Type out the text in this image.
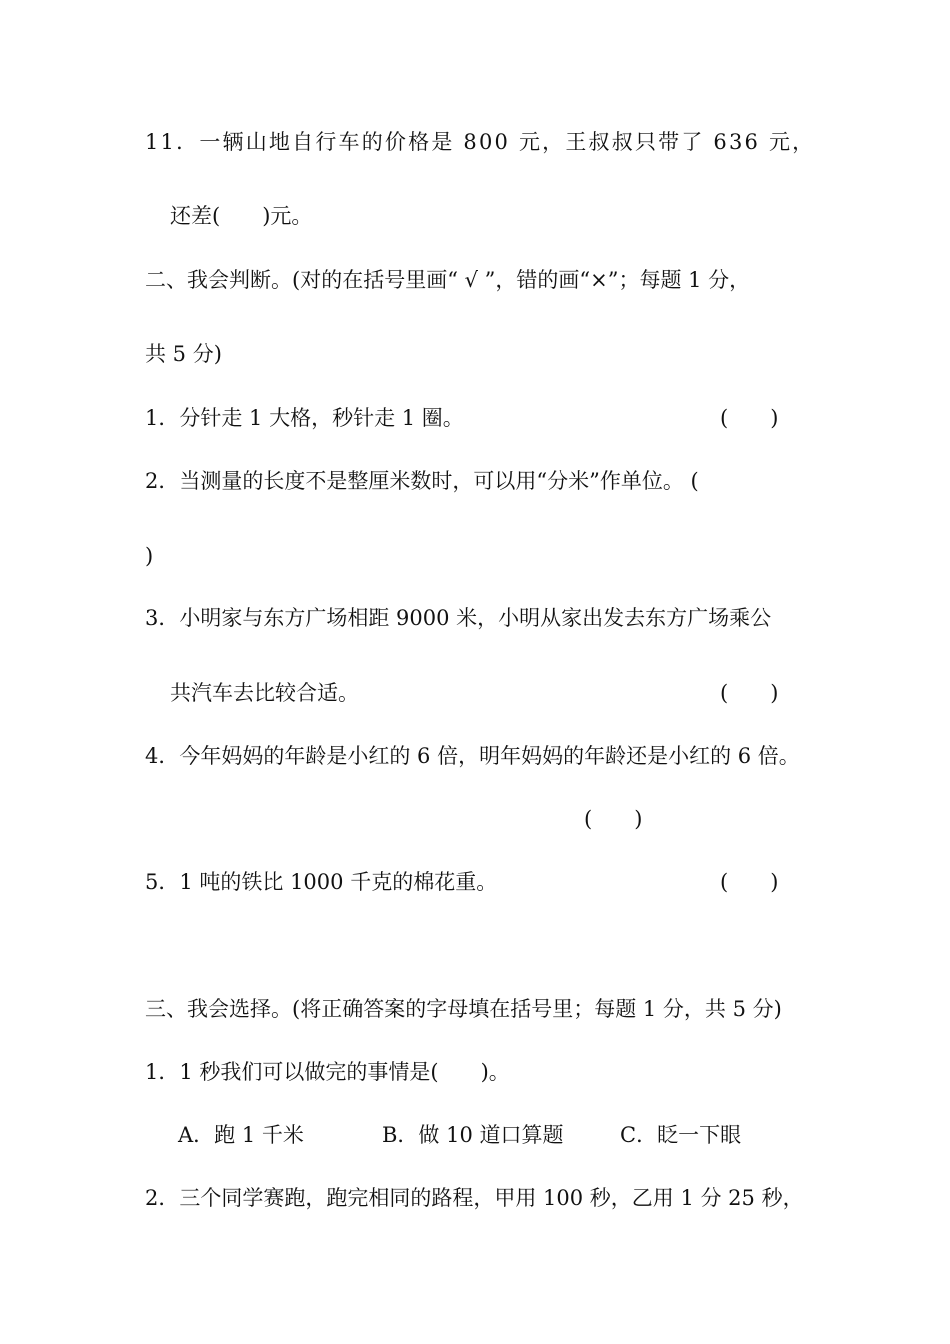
11．一辆山地自行车的价格是 800 元，王叔叔只带了 636 元，

还差(　　)元。

二、我会判断。(对的在括号里画“ √ ”，错的画“×”；每题 1 分，

共 5 分)

1．分针走 1 大格，秒针走 1 圈。	(　　)

2．当测量的长度不是整厘米数时，可以用“分米”作单位。 (

)

3．小明家与东方广场相距 9000 米，小明从家出发去东方广场乘公

共汽车去比较合适。	(　　)

4．今年妈妈的年龄是小红的 6 倍，明年妈妈的年龄还是小红的 6 倍。

(　　)

5．1 吨的铁比 1000 千克的棉花重。	(　　)

三、我会选择。(将正确答案的字母填在括号里；每题 1 分，共 5 分)

1．1 秒我们可以做完的事情是(　　)。

A．跑 1 千米	B．做 10 道口算题	C．眨一下眼

2．三个同学赛跑，跑完相同的路程，甲用 100 秒，乙用 1 分 25 秒，
